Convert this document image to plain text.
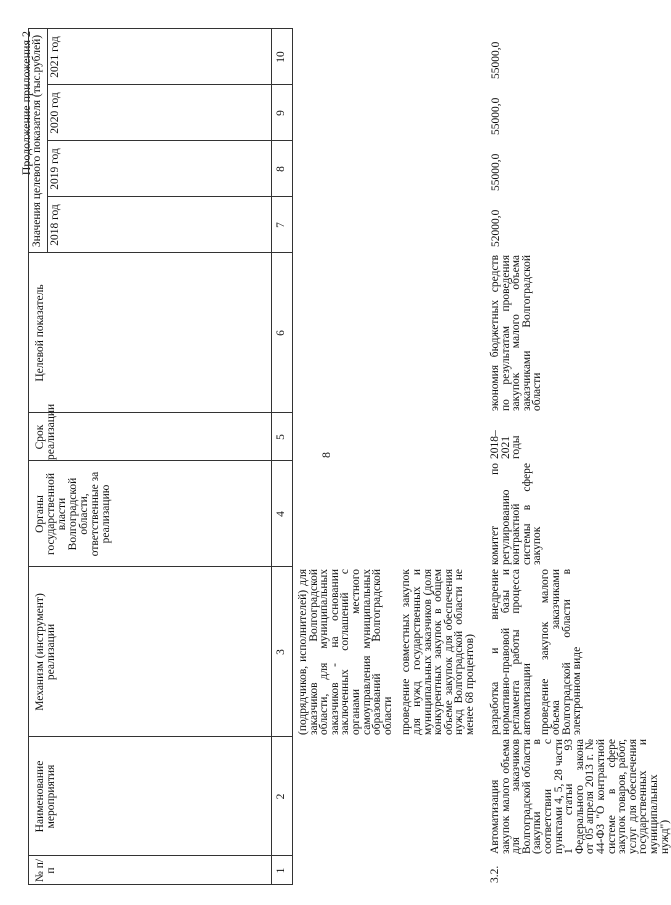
Продолжение приложения 2
8
№ п/п
Наименование мероприятия
Механизм (инструмент) реализации
Органы государственной власти Волгоградской области, ответственные за реализацию
Срок реализации
Целевой показатель
Значения целевого показателя (тыс.рублей) 2018 год
2019 год
2020 год
2021 год
1
2
3
4
5
6
7
8
9
10

(подрядчиков, исполнителей) для заказчиков Волгоградской области, для муниципальных заказчиков - на основании заключенных соглашений с органами местного самоуправления муниципальных образований Волгоградской области проведение совместных закупок для нужд государственных и муниципальных заказчиков (доля конкурентных закупок в общем объеме закупок для обеспечения нужд Волгоградской области не менее 68 процентов)

3.2.
Автоматизация закупок малого объема для заказчиков Волгоградской области (закупки в соответствии с пунктами 4, 5, 28 части 1 статьи 93 Федерального закона от 05 апреля 2013 г. № 44-ФЗ "О контрактной системе в сфере закупок товаров, работ, услуг для обеспечения государственных и муниципальных нужд")

разработка и внедрение нормативно-правовой базы и регламента работы процесса автоматизации проведение закупок малого объема заказчиками Волгоградской области в электронном виде

комитет по регулированию контрактной системы в сфере закупок
2018–2021 годы
экономия бюджетных средств по результатам проведения закупок малого объема заказчиками Волгоградской области
52000,0
55000,0
55000,0
55000,0
